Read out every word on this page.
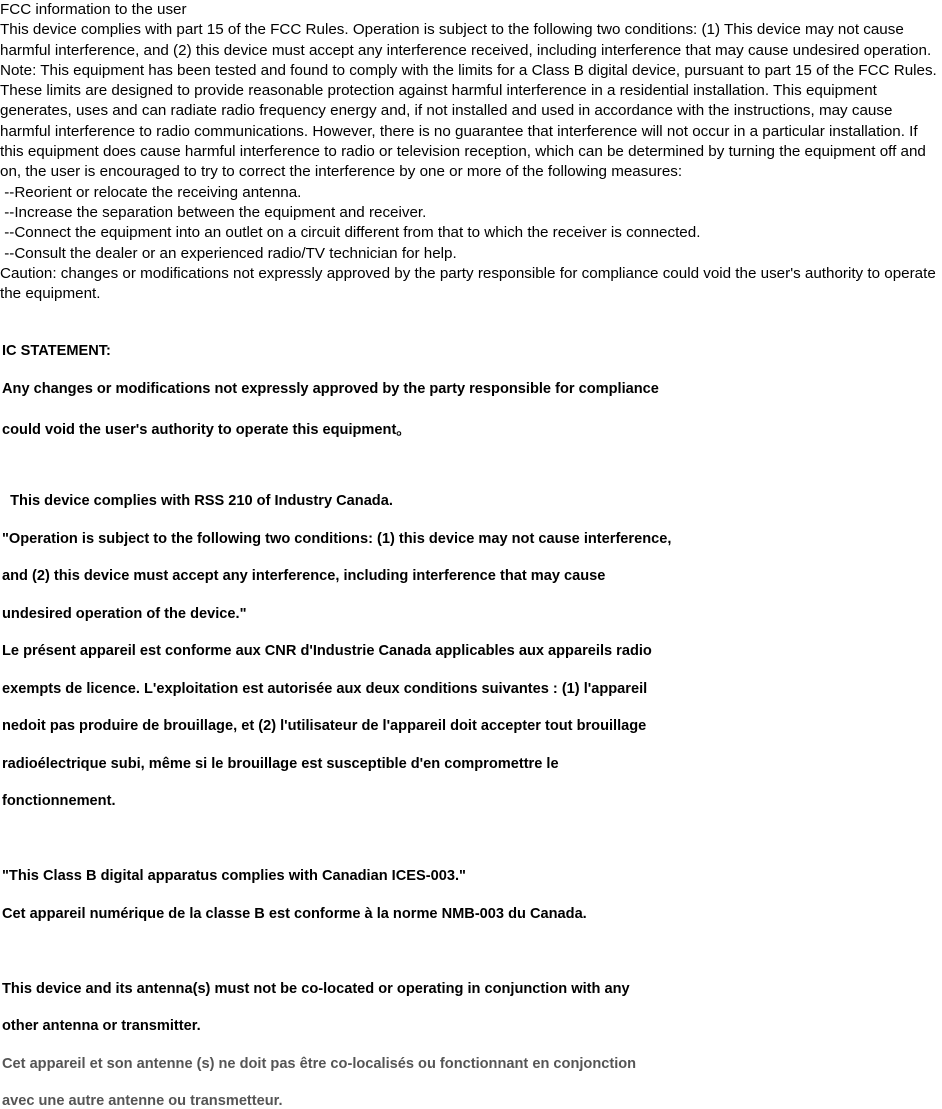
FCC information to the user

This device complies with part 15 of the FCC Rules. Operation is subject to the following two conditions: (1) This device may not cause harmful interference, and (2) this device must accept any interference received, including interference that may cause undesired operation.

Note: This equipment has been tested and found to comply with the limits for a Class B digital device, pursuant to part 15 of the FCC Rules. These limits are designed to provide reasonable protection against harmful interference in a residential installation. This equipment generates, uses and can radiate radio frequency energy and, if not installed and used in accordance with the instructions, may cause harmful interference to radio communications. However, there is no guarantee that interference will not occur in a particular installation. If this equipment does cause harmful interference to radio or television reception, which can be determined by turning the equipment off and on, the user is encouraged to try to correct the interference by one or more of the following measures:

--Reorient or relocate the receiving antenna.

--Increase the separation between the equipment and receiver.

--Connect the equipment into an outlet on a circuit different from that to which the receiver is connected.

--Consult the dealer or an experienced radio/TV technician for help.

Caution: changes or modifications not expressly approved by the party responsible for compliance could void the user's authority to operate the equipment.

IC STATEMENT:
Any changes or modifications not expressly approved by the party responsible for compliance
could void the user's authority to operate this equipment。
This device complies with RSS 210 of Industry Canada.
"Operation is subject to the following two conditions: (1) this device may not cause interference,
and (2) this device must accept any interference, including interference that may cause
undesired operation of the device."
Le présent appareil est conforme aux CNR d'Industrie Canada applicables aux appareils radio
exempts de licence. L'exploitation est autorisée aux deux conditions suivantes : (1) l'appareil
nedoit pas produire de brouillage, et (2) l'utilisateur de l'appareil doit accepter tout brouillage
radioélectrique subi, même si le brouillage est susceptible d'en compromettre le
fonctionnement.
"This Class B digital apparatus complies with Canadian ICES-003."
Cet appareil numérique de la classe B est conforme à la norme NMB-003 du Canada.
This device and its antenna(s) must not be co-located or operating in conjunction with any
other antenna or transmitter.
Cet appareil et son antenne (s) ne doit pas être co-localisés ou fonctionnant en conjonction
avec une autre antenne ou transmetteur.
